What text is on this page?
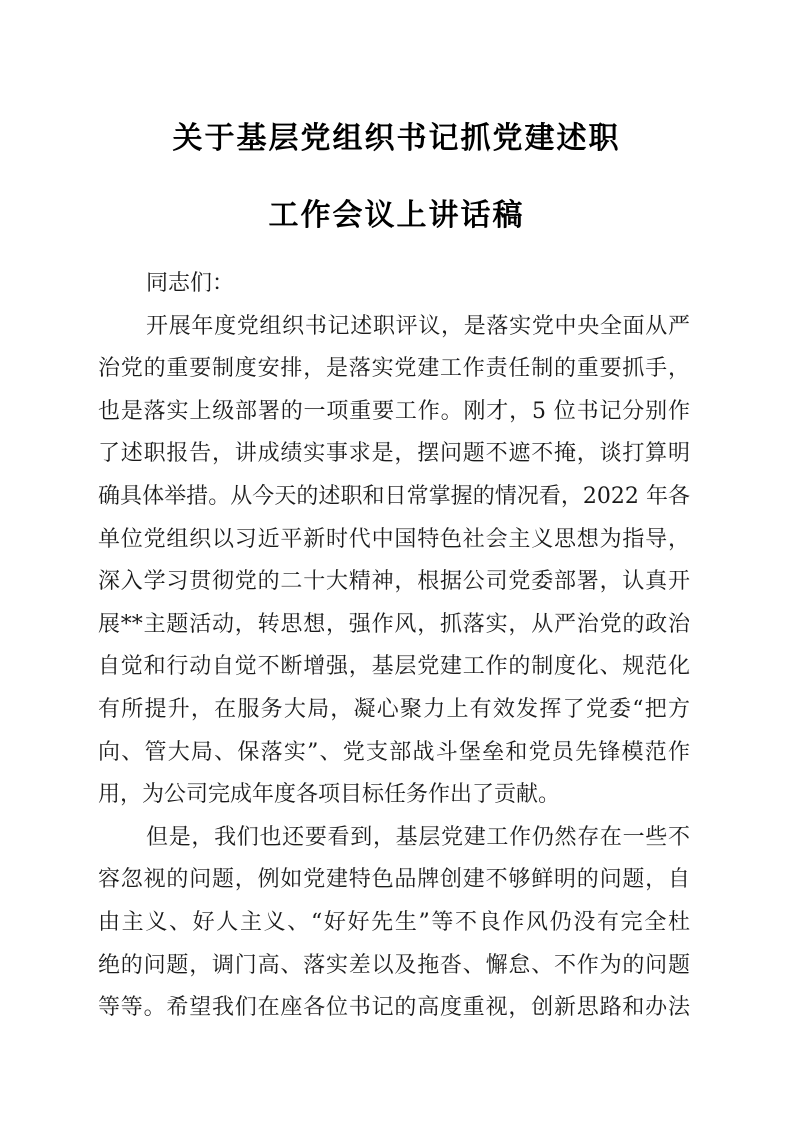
关于基层党组织书记抓党建述职
工作会议上讲话稿
同志们：
开展年度党组织书记述职评议，是落实党中央全面从严
治党的重要制度安排，是落实党建工作责任制的重要抓手，
也是落实上级部署的一项重要工作。刚才，5 位书记分别作
了述职报告，讲成绩实事求是，摆问题不遮不掩，谈打算明
确具体举措。从今天的述职和日常掌握的情况看，2022 年各
单位党组织以习近平新时代中国特色社会主义思想为指导，
深入学习贯彻党的二十大精神，根据公司党委部署，认真开
展**主题活动，转思想，强作风，抓落实，从严治党的政治
自觉和行动自觉不断增强，基层党建工作的制度化、规范化
有所提升，在服务大局，凝心聚力上有效发挥了党委“把方
向、管大局、保落实”、党支部战斗堡垒和党员先锋模范作
用，为公司完成年度各项目标任务作出了贡献。
但是，我们也还要看到，基层党建工作仍然存在一些不
容忽视的问题，例如党建特色品牌创建不够鲜明的问题，自
由主义、好人主义、“好好先生”等不良作风仍没有完全杜
绝的问题，调门高、落实差以及拖沓、懈怠、不作为的问题
等等。希望我们在座各位书记的高度重视，创新思路和办法
